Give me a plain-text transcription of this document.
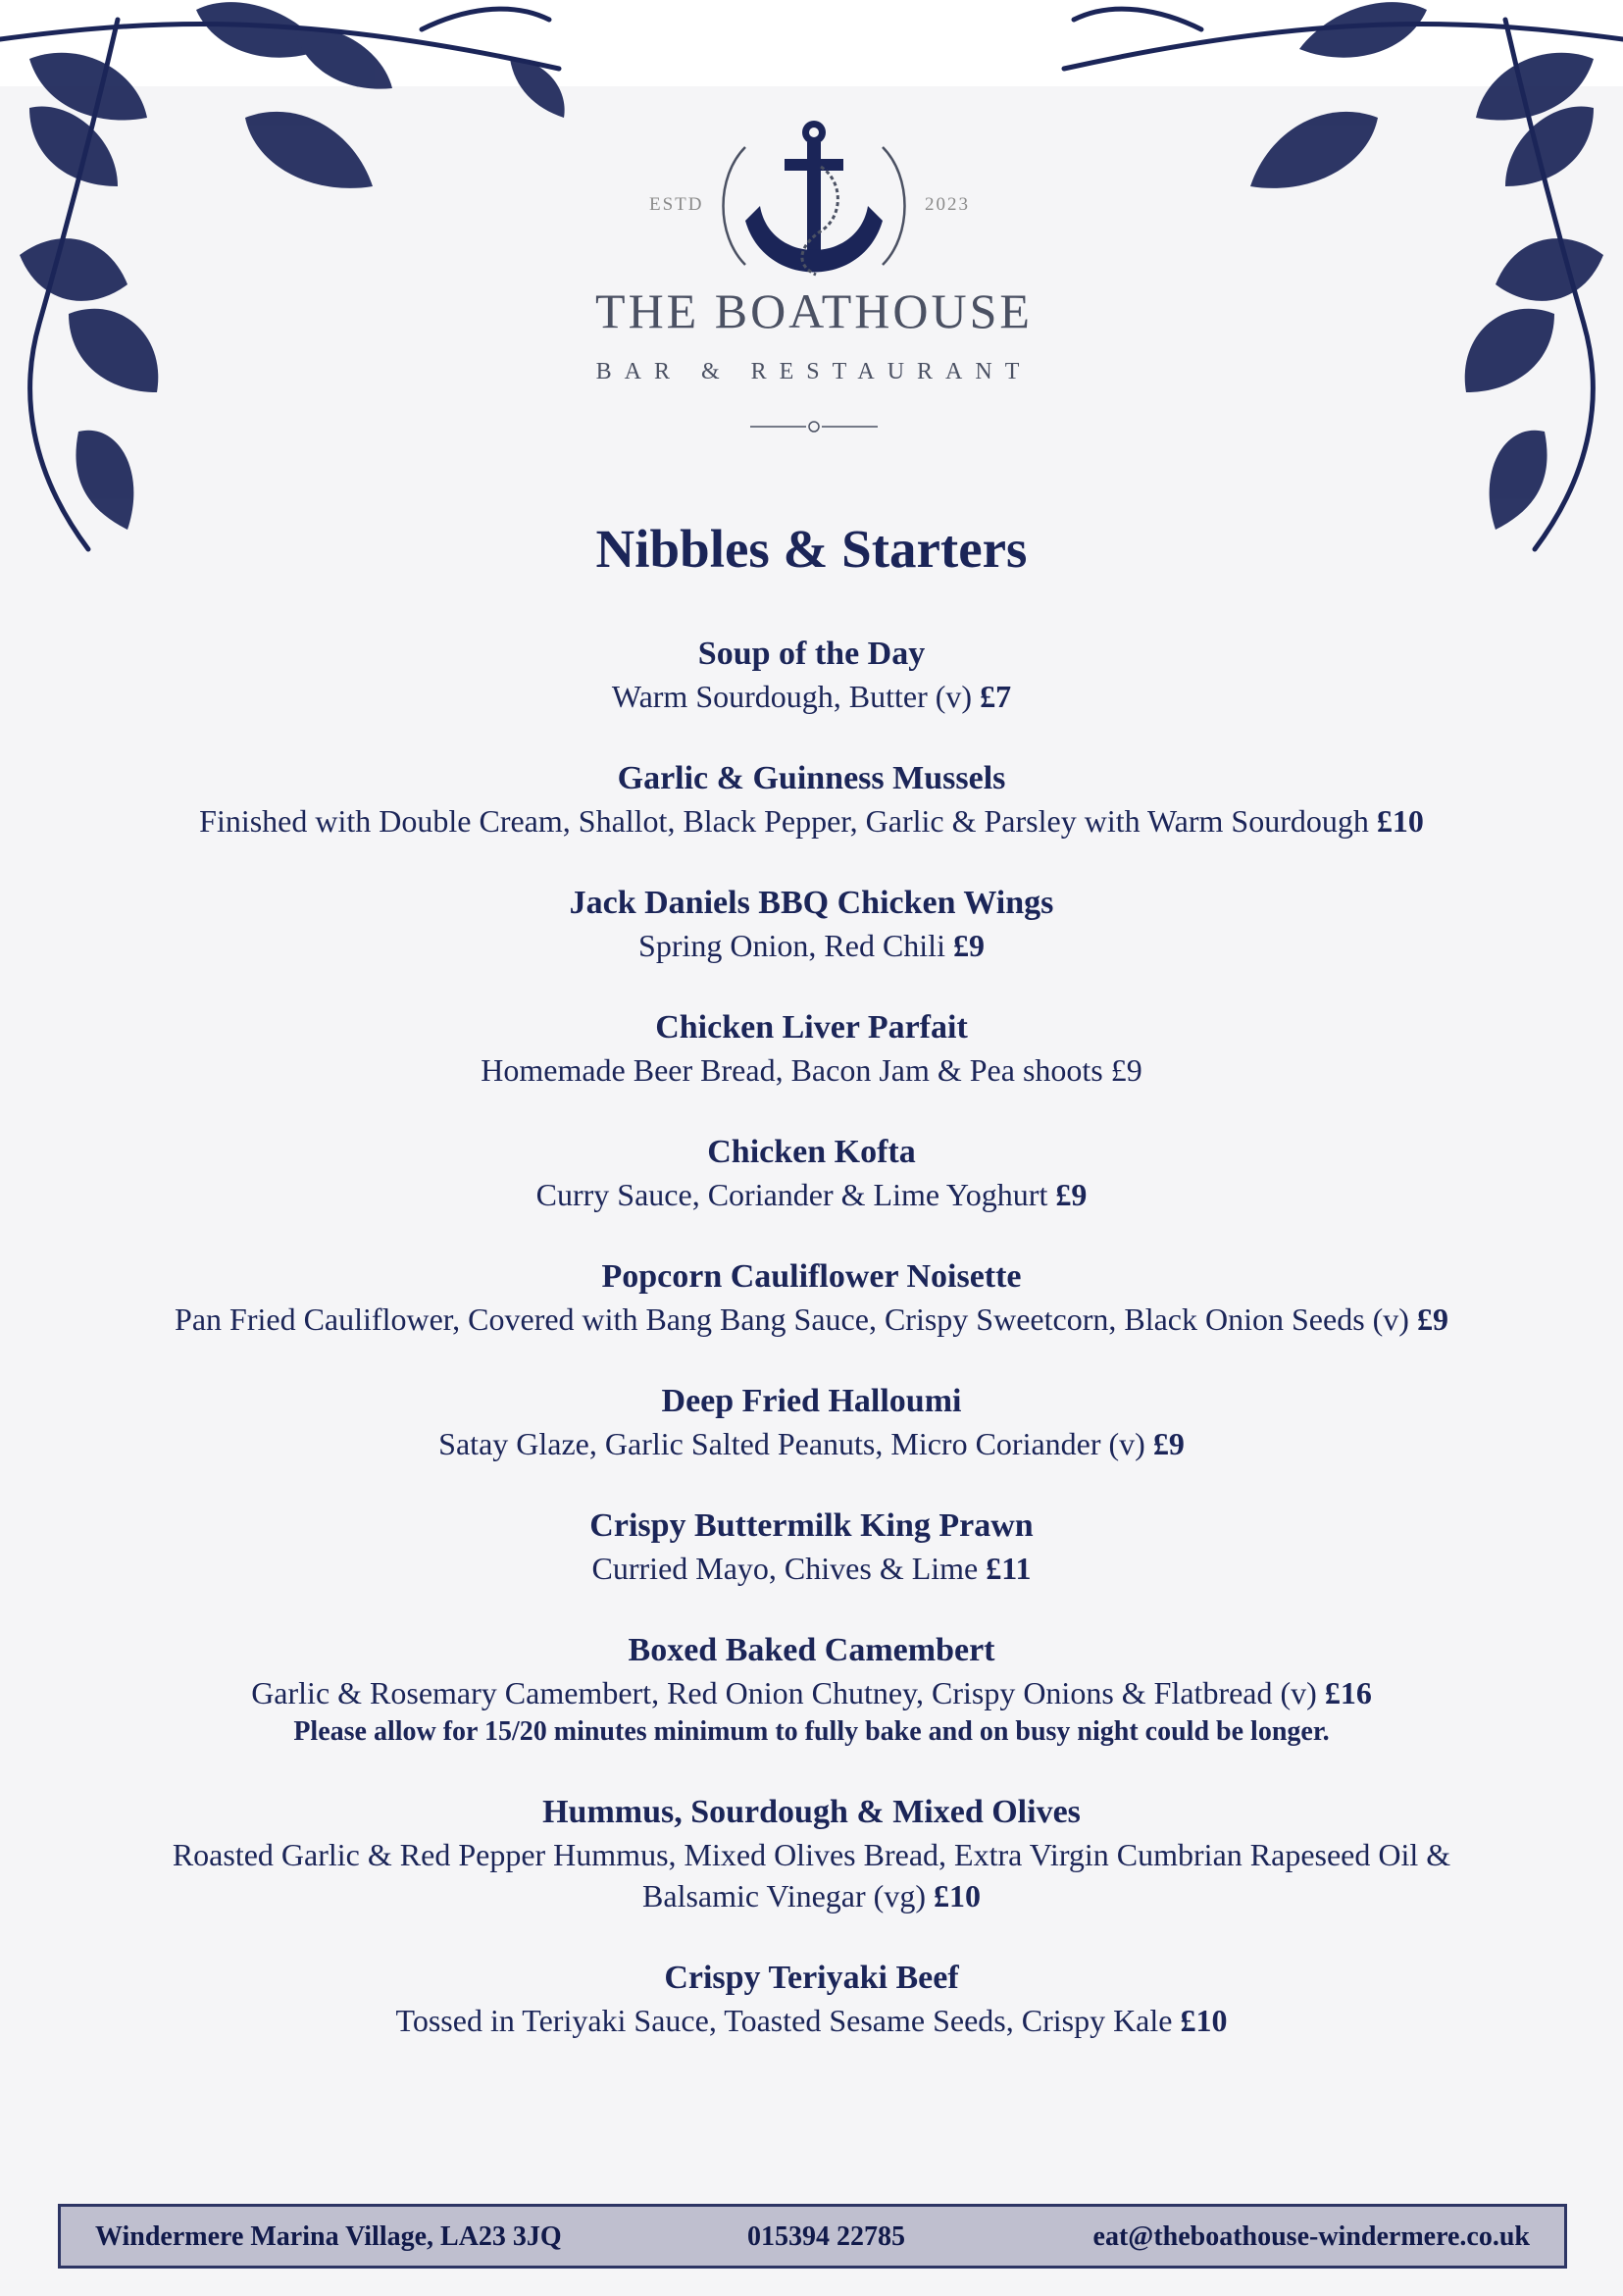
ESTD	2023
THE BOATHOUSE
BAR & RESTAURANT
Nibbles & Starters
Soup of the Day
Warm Sourdough, Butter (v) £7
Garlic & Guinness Mussels
Finished with Double Cream, Shallot, Black Pepper, Garlic & Parsley with Warm Sourdough £10
Jack Daniels BBQ Chicken Wings
Spring Onion, Red Chili £9
Chicken Liver Parfait
Homemade Beer Bread, Bacon Jam & Pea shoots £9
Chicken Kofta
Curry Sauce, Coriander & Lime Yoghurt £9
Popcorn Cauliflower Noisette
Pan Fried Cauliflower, Covered with Bang Bang Sauce, Crispy Sweetcorn, Black Onion Seeds (v) £9
Deep Fried Halloumi
Satay Glaze, Garlic Salted Peanuts, Micro Coriander (v) £9
Crispy Buttermilk King Prawn
Curried Mayo, Chives & Lime £11
Boxed Baked Camembert
Garlic & Rosemary Camembert, Red Onion Chutney, Crispy Onions & Flatbread (v) £16
Please allow for 15/20 minutes minimum to fully bake and on busy night could be longer.
Hummus, Sourdough & Mixed Olives
Roasted Garlic & Red Pepper Hummus, Mixed Olives Bread, Extra Virgin Cumbrian Rapeseed Oil & Balsamic Vinegar (vg) £10
Crispy Teriyaki Beef
Tossed in Teriyaki Sauce, Toasted Sesame Seeds, Crispy Kale £10
Windermere Marina Village, LA23 3JQ	015394 22785	eat@theboathouse-windermere.co.uk
